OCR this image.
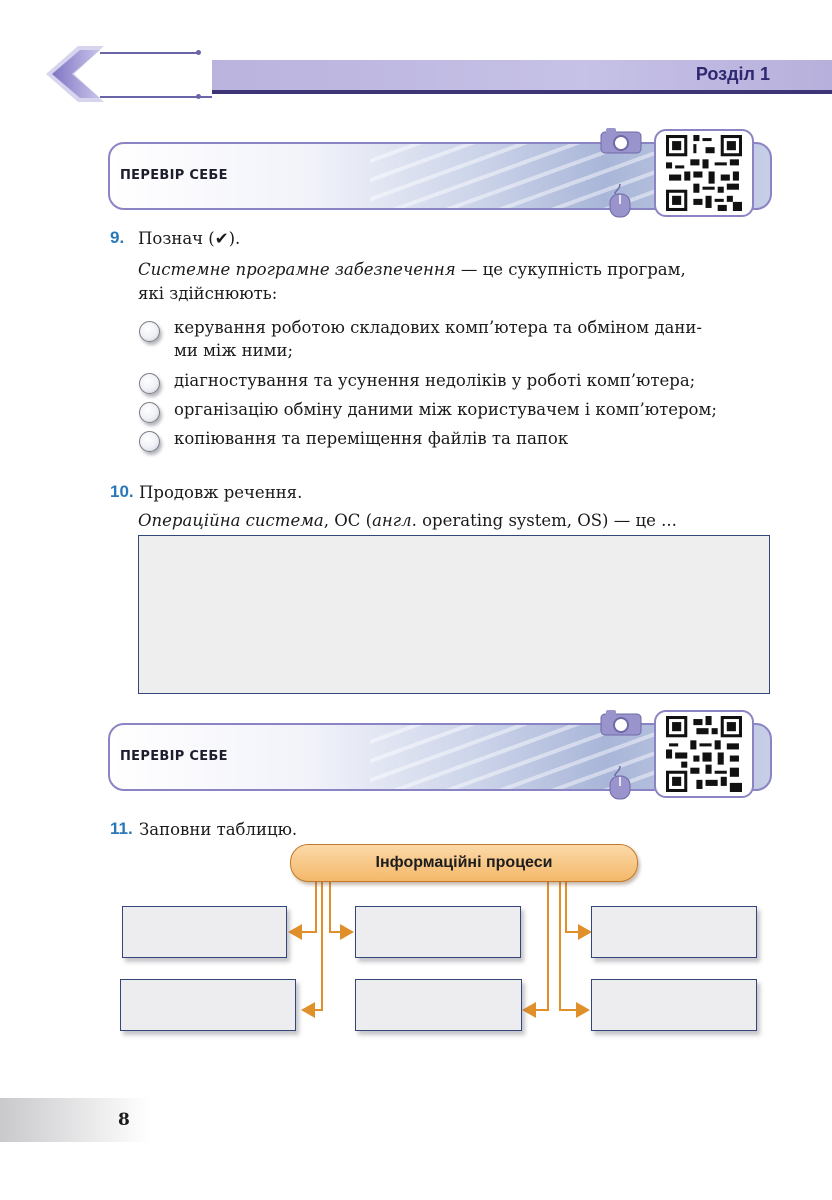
Розділ 1
ПЕРЕВІР СЕБЕ
9. Познач (✔).
Системне програмне забезпечення — це сукупність програм,
які здійснюють:
керування роботою складових комп’ютера та обміном дани-
ми між ними;
діагностування та усунення недоліків у роботі комп’ютера;
організацію обміну даними між користувачем і комп’ютером;
копіювання та переміщення файлів та папок
10. Продовж речення.
Операційна система, ОС (англ. operating system, OS) — це ...
ПЕРЕВІР СЕБЕ
11. Заповни таблицю.
Інформаційні процеси
8
